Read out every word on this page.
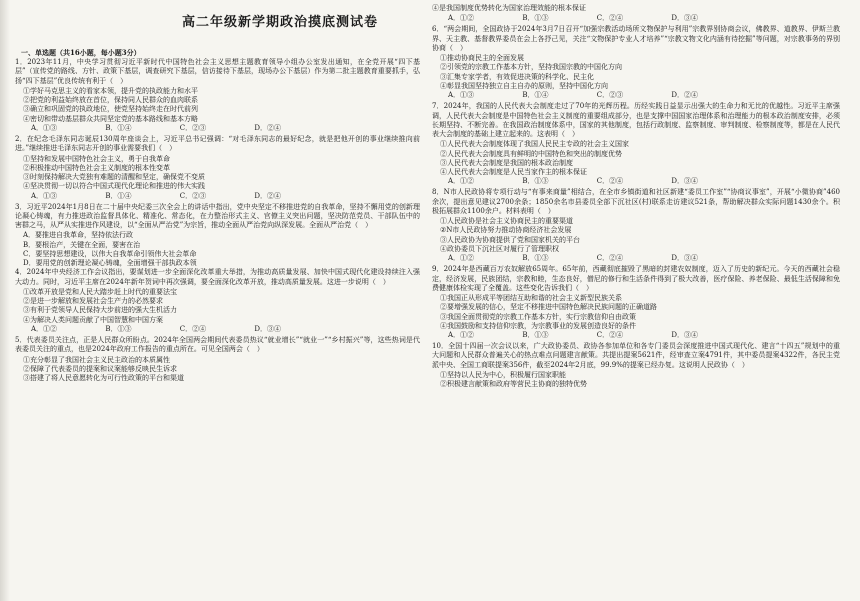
高二年级新学期政治摸底测试卷
一、单选题（共16小题，每小题3分）
1．2023年11月，中央学习贯彻习近平新时代中国特色社会主义思想主题教育领导小组办公室发出通知，在全党开展“四下基层”（宣传党的路线、方针、政策下基层，调查研究下基层，信访接待下基层，现场办公下基层）作为第二批主题教育重要抓手，弘扬“四下基层”优良传统有利于（　）
①学好马克思主义的看家本领，提升党的执政能力和水平
②把党的利益始终放在首位，保持同人民群众的血肉联系
③确立和巩固党的执政地位，使党坚持始终走在时代前列
④密切和带动基层群众共同坚定党的基本路线和基本方略
A．①③	B．①④	C．②③	D．②④
2．在纪念毛泽东同志诞辰130周年座谈会上，习近平总书记强调：“对毛泽东同志的最好纪念，就是把他开创的事业继续推向前进。”继续推进毛泽东同志开创的事业需要我们（　）
①坚持和发展中国特色社会主义，勇于自我革命
②积极推动中国特色社会主义制度的根本性变革
③时刻保持解决大党独有难题的清醒和坚定，确保党不变质
④坚决贯彻一切以符合中国式现代化理论和推进的伟大实践
A．①③	B．①④	C．②③	D．②④
3．习近平2024年1月8日在二十届中央纪委三次全会上的讲话中指出，党中央坚定不移推进党的自我革命，坚持不懈用党的创新理论凝心铸魂，有力推进政治监督具体化、精准化、常态化，在力整治形式主义、官僚主义突出问题，坚决防范党员、干部队伍中的害群之马，从严从实推进作风建设，以“全面从严治党”为宗旨，推动全面从严治党向纵深发展。全面从严治党（　）
A．要推进自我革命，坚持依法行政
B．要根治产，关键在全面，要害在治
C．要坚持思想建设，以伟大自我革命引领伟大社会革命
D．要用党的创新理论凝心铸魂，全面增强干部执政本领
4．2024年中央经济工作会议指出，要谋划进一步全面深化改革重大举措，为推动高质量发展、加快中国式现代化建设持续注入强大动力。同时，习近平主席在2024年新年贺词中再次强调，要全面深化改革开放，推动高质量发展。这进一步说明（　）
①改革开放是党和人民大踏步赶上时代的重要法宝
②是进一步解放和发展社会生产力的必然要求
③有利于党领导人民保持大步前进的强大生机活力
④为解决人类问题贡献了中国智慧和中国方案
A．①②	B．①③	C．②④	D．③④
5．代表委员关注点，正是人民群众所盼点。2024年全国两会期间代表委员热议“就业增长”“就业一”“乡村振兴”等，这些热词是代表委员关注的重点，也是2024年政府工作报告的重点所在。可见全国两会（　）
①充分彰显了我国社会主义民主政治的本质属性
②保障了代表委员的提案和议案能够反映民生诉求
③搭建了将人民意愿转化为可行性政策的平台和渠道
④是我国制度优势转化为国家治理效能的根本保证
A．①②	B．①③	C．②④	D．③④
6．“两会期间，全国政协于2024年3月7日召开“加强宗教活动场所文物保护与利用”宗教界别协商会议，佛教界、道教界、伊斯兰教界、天主教、基督教界委员在会上各抒己见，关注“文物保护专业人才培养”“宗教文物文化内涵有待挖掘”等问题，对宗教事务的界别协商（　）
①推动协商民主的全面发展
②引领党的宗教工作基本方针，坚持我国宗教的中国化方向
③汇集专家学者，有效促进决策的科学化、民主化
④彰显我国坚持独立自主自办的原则，坚持中国化方向
A．①③	B．①④	C．②③	D．②④
7．2024年，我国的人民代表大会制度走过了70年的光辉历程。历经实践日益显示出强大的生命力和无比的优越性。习近平主席强调，人民代表大会制度是中国特色社会主义制度的重要组成部分，也是支撑中国国家治理体系和治理能力的根本政治制度安排，必须长期坚持、不断完善。在我国政治制度体系中，国家的其他制度，包括行政制度、监察制度、审判制度、检察制度等，都是在人民代表大会制度的基础上建立起来的。这表明（　）
①人民代表大会制度体现了我国人民民主专政的社会主义国家
②人民代表大会制度具有鲜明的中国特色和突出的制度优势
③人民代表大会制度是我国的根本政治制度
④人民代表大会制度是人民当家作主的根本保证
A．①②	B．①③	C．②④	D．③④
8．N市人民政协将专项行动与“有事来商量”相结合，在全市乡镇街道和社区新建“委员工作室”“协商议事室”，开展“小微协商”460余次，提出意见建议2700余条；1850余名市县委员全部下沉社区(村)联系走访建议521条，帮助解决群众实际问题1430余个。积极拓展群众1100余户。材料表明（　）
①人民政协是社会主义协商民主的重要渠道
②N市人民政协努力推动协商经济社会发展
③人民政协为协商提供了党和国家机关的平台
④政协委员下沉社区对履行了管理职权
A．①②	B．①③	C．②④	D．③④
9．2024年是西藏百万农奴解放65周年。65年前，西藏彻底摧毁了黑暗的封建农奴制度，迈入了历史的新纪元。今天的西藏社会稳定，经济发展，民族团结，宗教和睦，生态良好，僧尼的修行和生活条件得到了极大改善，医疗保险、养老保险、最低生活保障和免费健康体检实现了全覆盖。这些变化告诉我们（　）
①我国正从形成平等团结互助和谐的社会主义新型民族关系
②要增强发展的信心，坚定不移推进中国特色解决民族问题的正确道路
③我国全面贯彻党的宗教工作基本方针，实行宗教信仰自由政策
④我国鼓励和支持信仰宗教，为宗教事业的发展创造良好的条件
A．①②	B．①③	C．②④	D．③④
10．全国十四届一次会议以来，广大政协委员、政协各参加单位和各专门委员会深度推进中国式现代化、建言“十四五”规划中的重大问题和人民群众普遍关心的热点难点问题建言献策。共提出提案5621件，经审查立案4791件，其中委员提案4322件，各民主党派中央、全国工商联提案356件，截至2024年2月底，99.9%的提案已经办复。这说明人民政协（　）
①坚持以人民为中心，积极履行国家职能
②积极建言献策和政府等营民主协商的独特优势
